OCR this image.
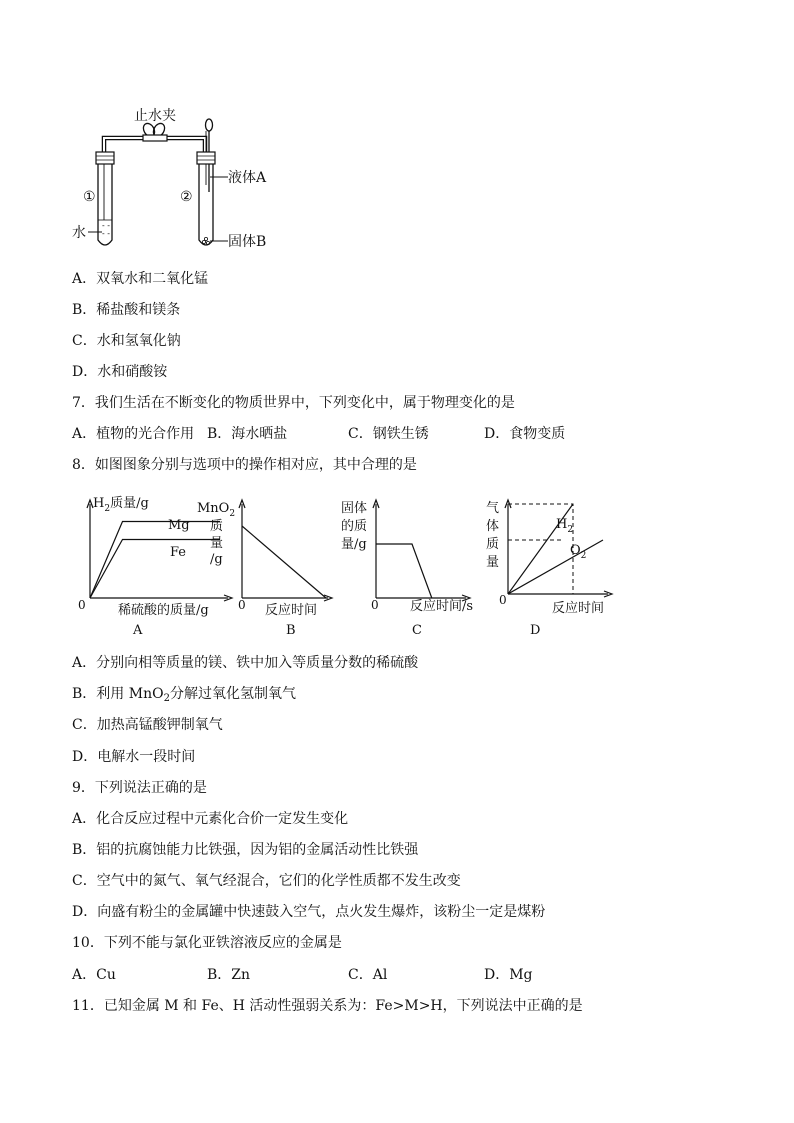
止水夹
- -
- -
①	②
水
液体A
固体B
A．双氧水和二氧化锰
B．稀盐酸和镁条
C．水和氢氧化钠
D．水和硝酸铵
7．我们生活在不断变化的物质世界中，下列变化中，属于物理变化的是
A．植物的光合作用 B．海水晒盐	C．钢铁生锈	D．食物变质
8．如图图象分别与选项中的操作相对应，其中合理的是
$H_2$质量/g
0 稀硫酸的质量/g
Mg
Fe
A
MnO$_2$
质
量
/g
0 反应时间
B
固体
的质
量/g
0 反应时间/s
C
气
体
质
量
0
反应时间
$H_2$
$O_2$
D
A．分别向相等质量的镁、铁中加入等质量分数的稀硫酸
B．利用 MnO$_2$分解过氧化氢制氧气
C．加热高锰酸钾制氧气
D．电解水一段时间
9．下列说法正确的是
A．化合反应过程中元素化合价一定发生变化
B．铝的抗腐蚀能力比铁强，因为铝的金属活动性比铁强
C．空气中的氮气、氧气经混合，它们的化学性质都不发生改变
D．向盛有粉尘的金属罐中快速鼓入空气，点火发生爆炸，该粉尘一定是煤粉
10．下列不能与氯化亚铁溶液反应的金属是
A．Cu	B．Zn	C．Al	D．Mg
11．已知金属 M 和 Fe、H 活动性强弱关系为：Fe>M>H，下列说法中正确的是
